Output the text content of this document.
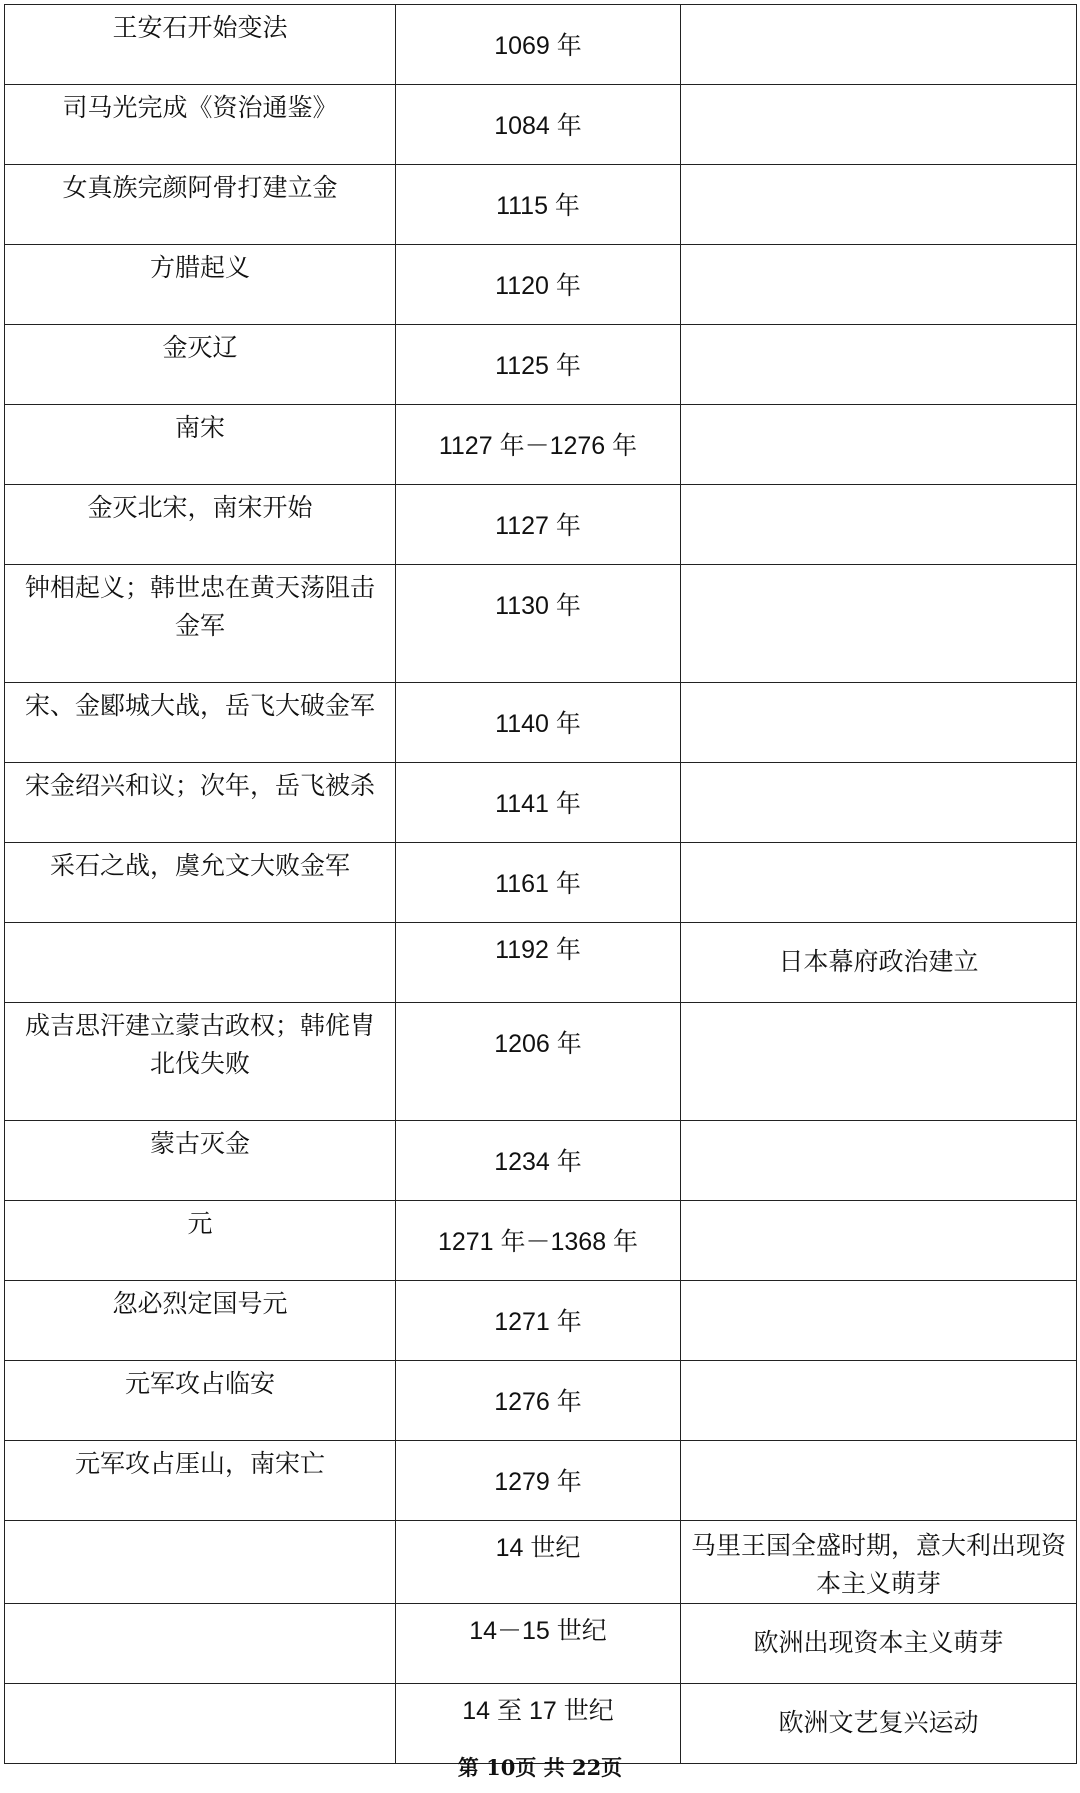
王安石开始变法	1069 年	
司马光完成《资治通鉴》	1084 年	
女真族完颜阿骨打建立金	1115 年	
方腊起义	1120 年	
金灭辽	1125 年	
南宋	1127 年－1276 年	
金灭北宋，南宋开始	1127 年	
钟相起义；韩世忠在黄天荡阻击金军	1130 年	
宋、金郾城大战，岳飞大破金军	1140 年	
宋金绍兴和议；次年，岳飞被杀	1141 年	
采石之战，虞允文大败金军	1161 年	
	1192 年	日本幕府政治建立
成吉思汗建立蒙古政权；韩侂胄北伐失败	1206 年	
蒙古灭金	1234 年	
元	1271 年－1368 年	
忽必烈定国号元	1271 年	
元军攻占临安	1276 年	
元军攻占厓山，南宋亡	1279 年	
	14 世纪	马里王国全盛时期，意大利出现资本主义萌芽
	14－15 世纪	欧洲出现资本主义萌芽
	14 至 17 世纪	欧洲文艺复兴运动
第 10页 共 22页
